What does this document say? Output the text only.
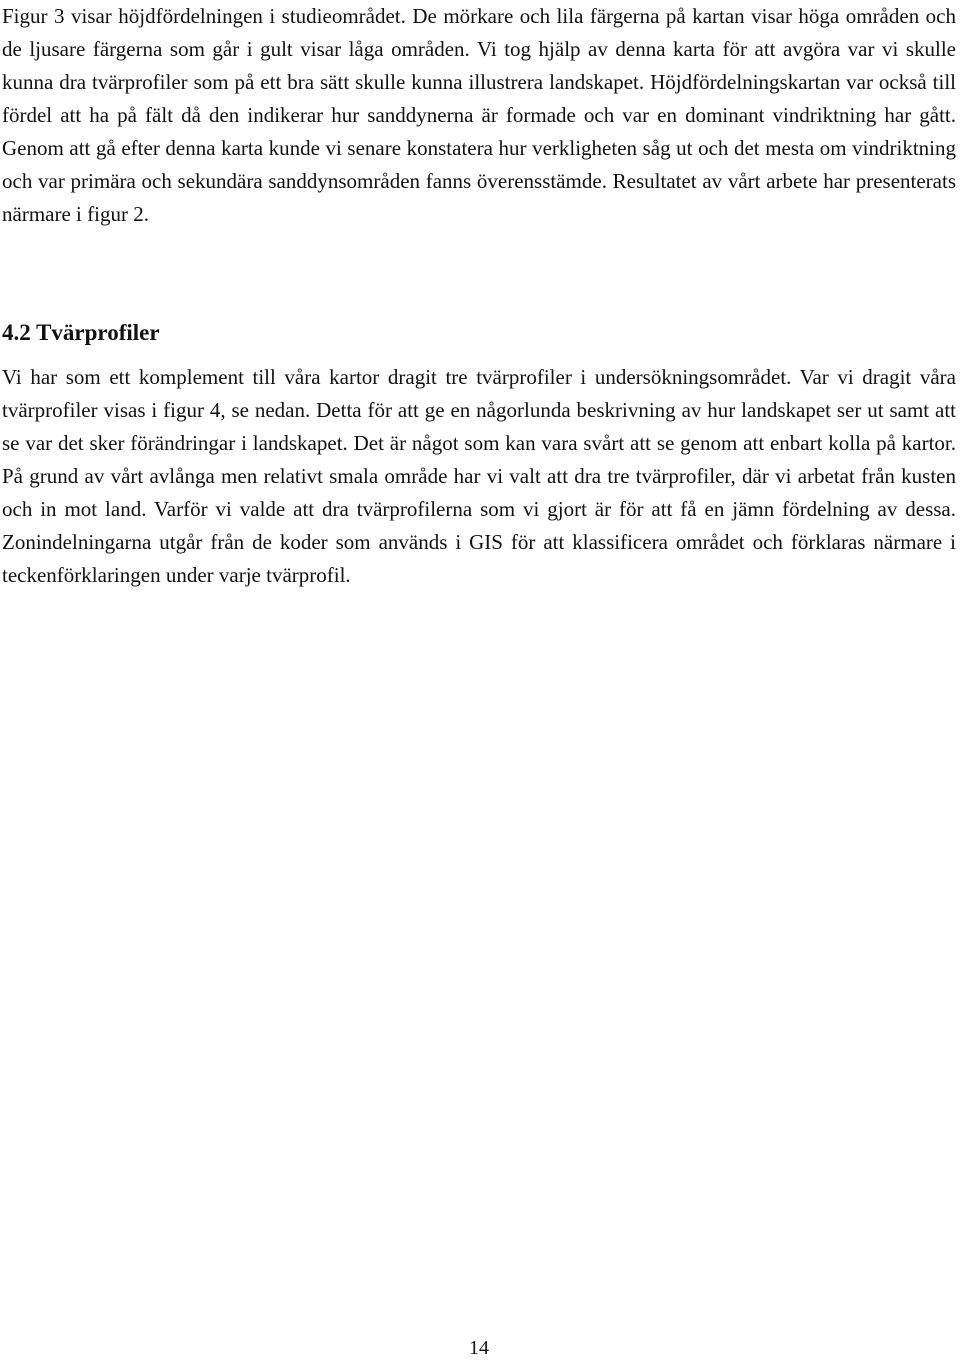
Figur 3 visar höjdfördelningen i studieområdet. De mörkare och lila färgerna på kartan visar höga områden och de ljusare färgerna som går i gult visar låga områden. Vi tog hjälp av denna karta för att avgöra var vi skulle kunna dra tvärprofiler som på ett bra sätt skulle kunna illustrera landskapet. Höjdfördelningskartan var också till fördel att ha på fält då den indikerar hur sanddynerna är formade och var en dominant vindriktning har gått. Genom att gå efter denna karta kunde vi senare konstatera hur verkligheten såg ut och det mesta om vindriktning och var primära och sekundära sanddynsområden fanns överensstämde. Resultatet av vårt arbete har presenterats närmare i figur 2.

4.2 Tvärprofiler

Vi har som ett komplement till våra kartor dragit tre tvärprofiler i undersökningsområdet. Var vi dragit våra tvärprofiler visas i figur 4, se nedan. Detta för att ge en någorlunda beskrivning av hur landskapet ser ut samt att se var det sker förändringar i landskapet. Det är något som kan vara svårt att se genom att enbart kolla på kartor. På grund av vårt avlånga men relativt smala område har vi valt att dra tre tvärprofiler, där vi arbetat från kusten och in mot land. Varför vi valde att dra tvärprofilerna som vi gjort är för att få en jämn fördelning av dessa. Zonindelningarna utgår från de koder som används i GIS för att klassificera området och förklaras närmare i teckenförklaringen under varje tvärprofil.

14
